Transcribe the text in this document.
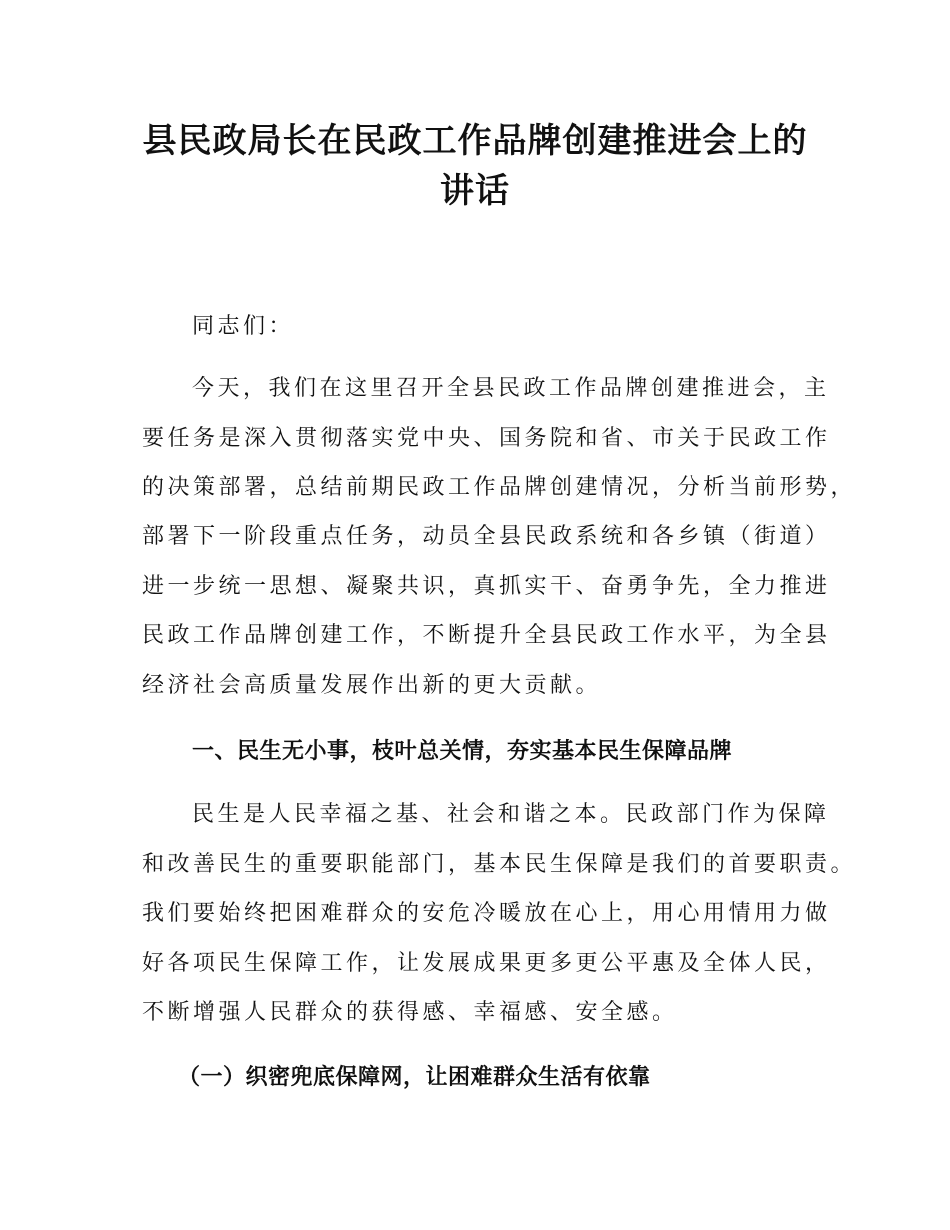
县民政局长在民政工作品牌创建推进会上的
讲话
同志们：
今天，我们在这里召开全县民政工作品牌创建推进会，主
要任务是深入贯彻落实党中央、国务院和省、市关于民政工作
的决策部署，总结前期民政工作品牌创建情况，分析当前形势，
部署下一阶段重点任务，动员全县民政系统和各乡镇（街道）
进一步统一思想、凝聚共识，真抓实干、奋勇争先，全力推进
民政工作品牌创建工作，不断提升全县民政工作水平，为全县
经济社会高质量发展作出新的更大贡献。
一、民生无小事，枝叶总关情，夯实基本民生保障品牌
民生是人民幸福之基、社会和谐之本。民政部门作为保障
和改善民生的重要职能部门，基本民生保障是我们的首要职责。
我们要始终把困难群众的安危冷暖放在心上，用心用情用力做
好各项民生保障工作，让发展成果更多更公平惠及全体人民，
不断增强人民群众的获得感、幸福感、安全感。
（一）织密兜底保障网，让困难群众生活有依靠
